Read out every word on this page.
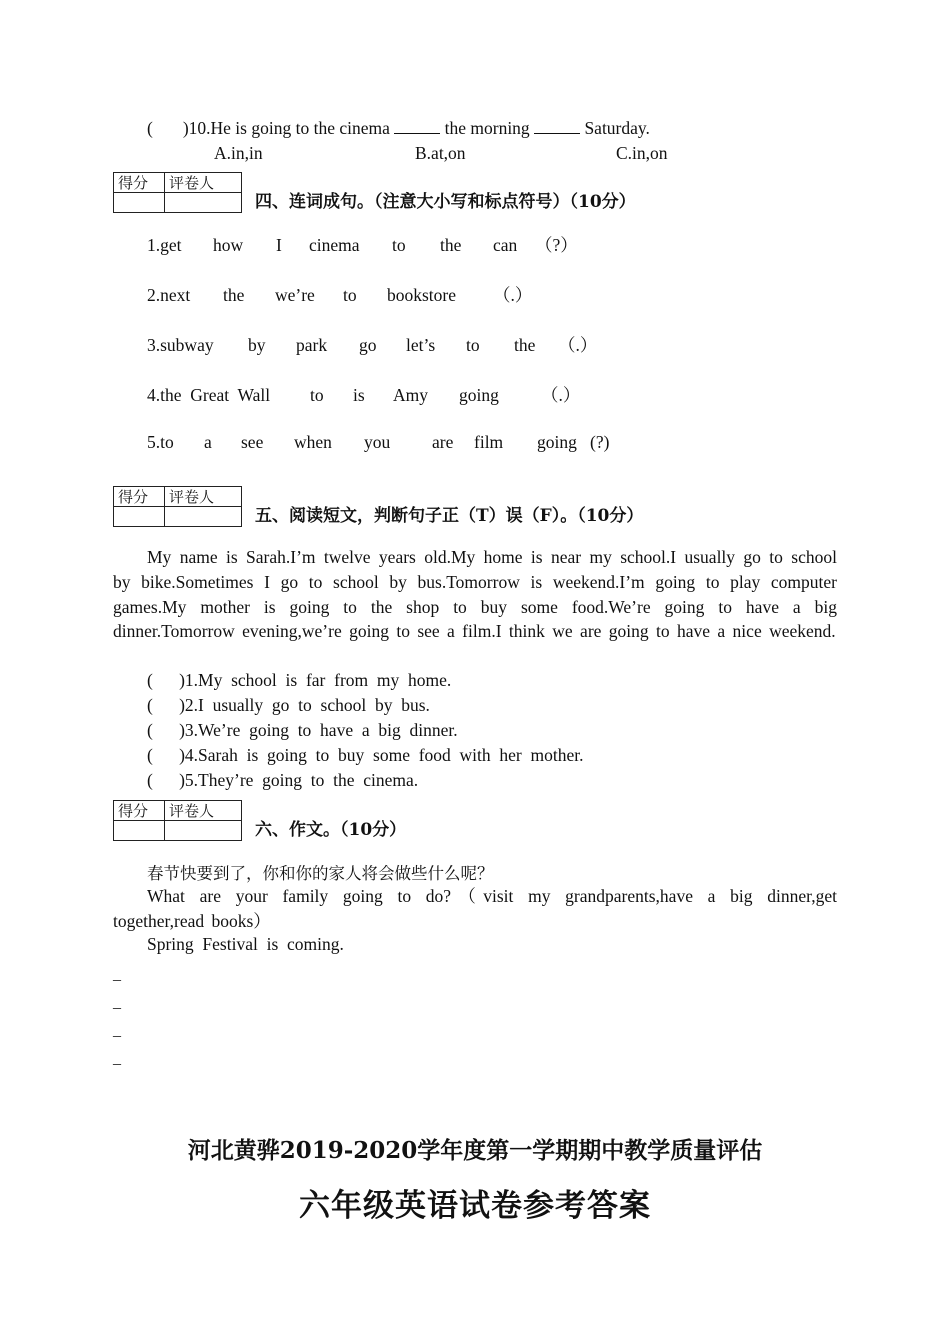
( )10.He is going to the cinema	the morning	Saturday.
A.in,in	B.at,on	C.in,on
得分	评卷人

四、连词成句。（注意大小写和标点符号）（10分）
1.get how I cinema to the can （?）
2.next the we’re to bookstore （.）
3.subway by park go let’s to the （.）
4.the  Great  Wall to is Amy going （.）
5.to a see when you are film going (?)
得分	评卷人

五、阅读短文，判断句子正（T）误（F）。（10分）

My name is Sarah.I’m twelve years old.My home is near my school.I usually go to school by bike.Sometimes I go to school by bus.Tomorrow is weekend.I’m going to play computer games.My mother is going to the shop to buy some food.We’re going to have a big dinner.Tomorrow evening,we’re going to see a film.I think we are going to have a nice weekend.

(      )1.My  school  is  far  from  my  home.
(      )2.I  usually  go  to  school  by  bus.
(      )3.We’re  going  to  have  a  big  dinner.
(      )4.Sarah  is  going  to  buy  some  food  with  her  mother.
(      )5.They’re  going  to  the  cinema.
得分	评卷人

六、作文。（10分）
春节快要到了，你和你的家人将会做些什么呢？

What are your family going to do?（visit my grandparents,have a big dinner,get together,read books）

Spring  Festival  is  coming.
_
_
_
_
河北黄骅2019-2020学年度第一学期期中教学质量评估
六年级英语试卷参考答案
